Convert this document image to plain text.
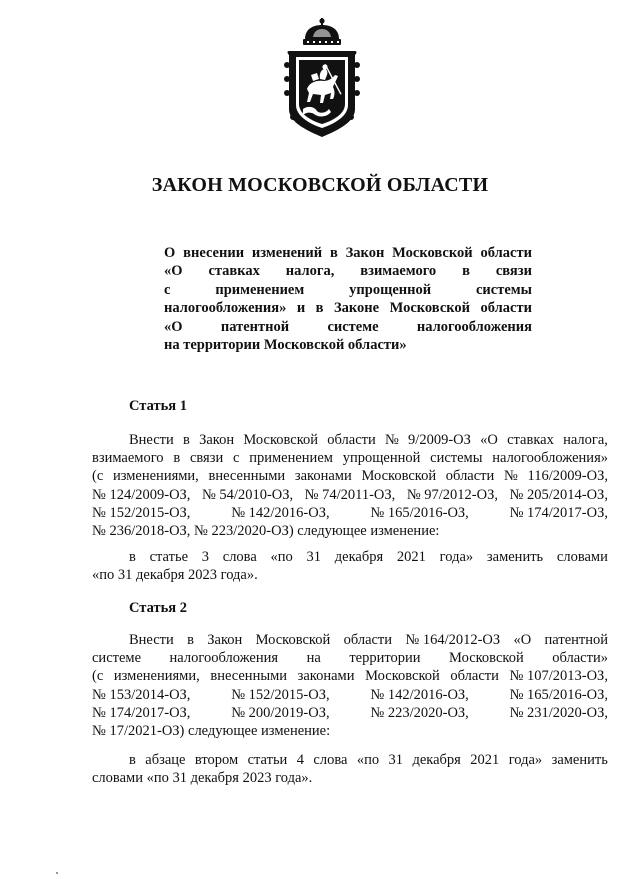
ЗАКОН МОСКОВСКОЙ ОБЛАСТИ
О внесении изменений в Закон Московской области
«О ставках налога, взимаемого в связи
с	применением	упрощенной	системы
налогообложения» и в Законе Московской области
«О	патентной	системе	налогообложения
на территории Московской области»
Статья 1
Внести в Закон Московской области № 9/2009-ОЗ «О ставках налога,
взимаемого в связи с применением упрощенной системы налогообложения»
(с изменениями, внесенными законами Московской области № 116/2009-ОЗ,
№ 124/2009-ОЗ, № 54/2010-ОЗ, № 74/2011-ОЗ, № 97/2012-ОЗ, № 205/2014-ОЗ,
№ 152/2015-ОЗ,	№ 142/2016-ОЗ,	№ 165/2016-ОЗ,	№ 174/2017-ОЗ,
№ 236/2018-ОЗ, № 223/2020-ОЗ) следующее изменение:
в статье 3 слова «по 31 декабря 2021 года» заменить словами
«по 31 декабря 2023 года».
Статья 2
Внести в Закон Московской области № 164/2012-ОЗ «О патентной
системе налогообложения на территории Московской области»
(с изменениями, внесенными законами Московской области № 107/2013-ОЗ,
№ 153/2014-ОЗ,	№ 152/2015-ОЗ,	№ 142/2016-ОЗ,	№ 165/2016-ОЗ,
№ 174/2017-ОЗ,	№ 200/2019-ОЗ,	№ 223/2020-ОЗ,	№ 231/2020-ОЗ,
№ 17/2021-ОЗ) следующее изменение:
в абзаце втором статьи 4 слова «по 31 декабря 2021 года» заменить
словами «по 31 декабря 2023 года».
